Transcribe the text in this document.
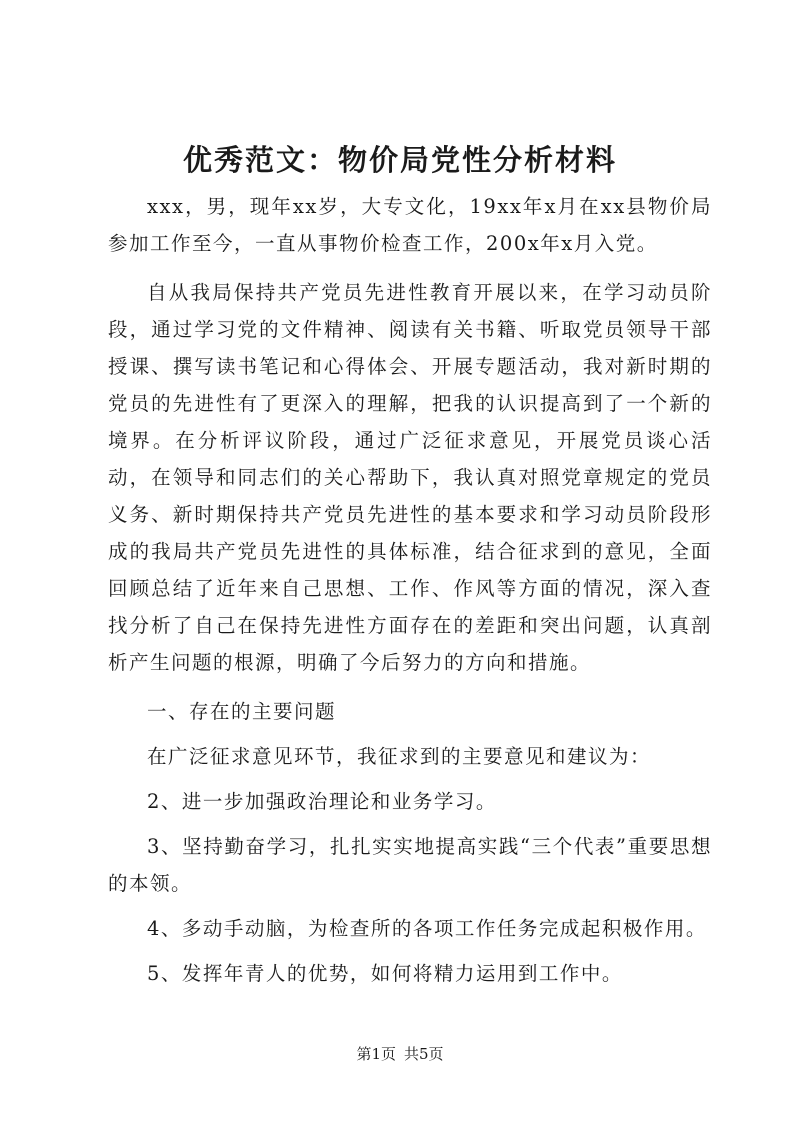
优秀范文：物价局党性分析材料

xxx，男，现年xx岁，大专文化，19xx年x月在xx县物价局参加工作至今，一直从事物价检查工作，200x年x月入党。

自从我局保持共产党员先进性教育开展以来，在学习动员阶段，通过学习党的文件精神、阅读有关书籍、听取党员领导干部授课、撰写读书笔记和心得体会、开展专题活动，我对新时期的党员的先进性有了更深入的理解，把我的认识提高到了一个新的境界。在分析评议阶段，通过广泛征求意见，开展党员谈心活动，在领导和同志们的关心帮助下，我认真对照党章规定的党员义务、新时期保持共产党员先进性的基本要求和学习动员阶段形成的我局共产党员先进性的具体标准，结合征求到的意见，全面回顾总结了近年来自己思想、工作、作风等方面的情况，深入查找分析了自己在保持先进性方面存在的差距和突出问题，认真剖析产生问题的根源，明确了今后努力的方向和措施。

一、存在的主要问题

在广泛征求意见环节，我征求到的主要意见和建议为：

2、进一步加强政治理论和业务学习。

3、坚持勤奋学习，扎扎实实地提高实践“三个代表”重要思想的本领。

4、多动手动脑，为检查所的各项工作任务完成起积极作用。

5、发挥年青人的优势，如何将精力运用到工作中。

第1页 共5页
